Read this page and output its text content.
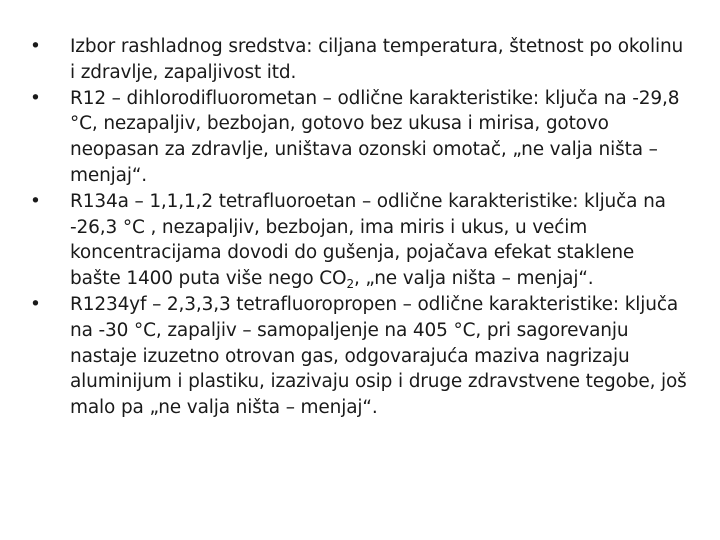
•	Izbor rashladnog sredstva: ciljana temperatura, štetnost po okolinu i zdravlje, zapaljivost itd.
•	R12 – dihlorodifluorometan – odlične karakteristike: ključa na -29,8 °C, nezapaljiv, bezbojan, gotovo bez ukusa i mirisa, gotovo neopasan za zdravlje, uništava ozonski omotač, „ne valja ništa – menjaj“.
•	R134a – 1,1,1,2 tetrafluoroetan – odlične karakteristike: ključa na -26,3 °C , nezapaljiv, bezbojan, ima miris i ukus, u većim koncentracijama dovodi do gušenja, pojačava efekat staklene bašte 1400 puta više nego $CO_2$, „ne valja ništa – menjaj“.
•	R1234yf – 2,3,3,3 tetrafluoropropen – odlične karakteristike: ključa na -30 °C, zapaljiv – samopaljenje na 405 °C, pri sagorevanju nastaje izuzetno otrovan gas, odgovarajuća maziva nagrizaju aluminijum i plastiku, izazivaju osip i druge zdravstvene tegobe, još malo pa „ne valja ništa – menjaj“.
